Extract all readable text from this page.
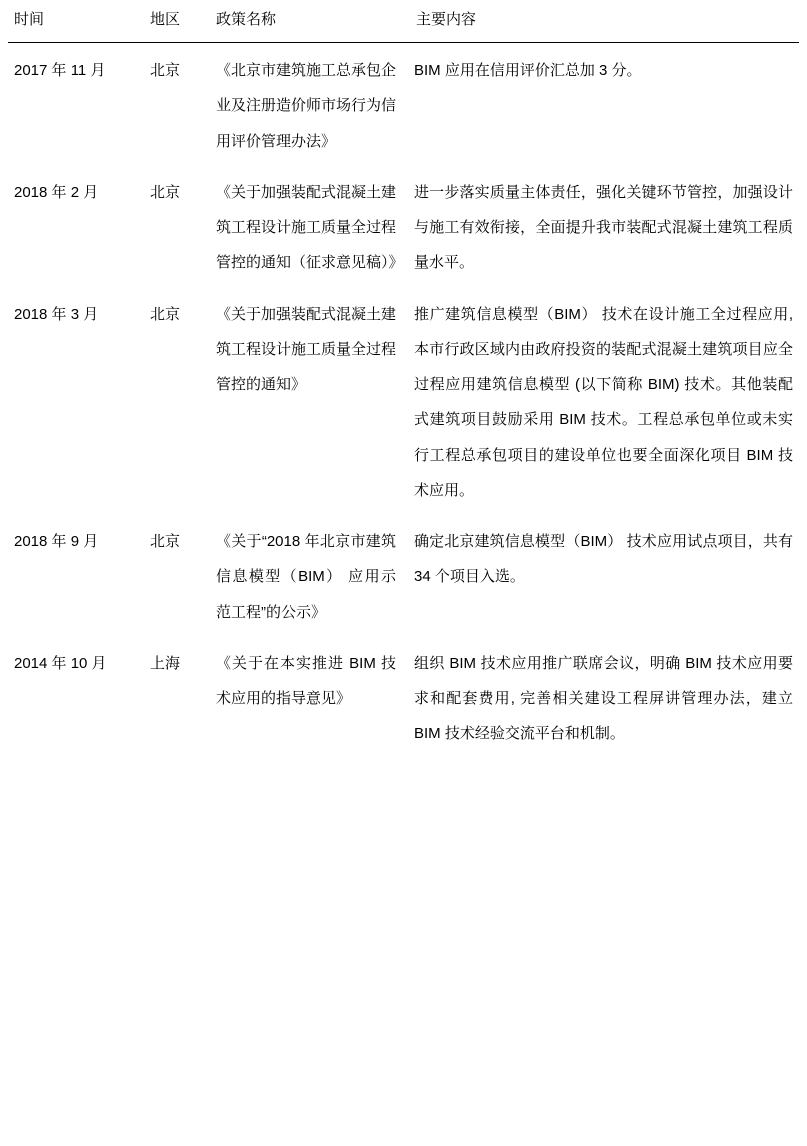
时间	地区	政策名称	主要内容
2017 年 11 月	北京	《北京市建筑施工总承包企业及注册造价师市场行为信用评价管理办法》	BIM 应用在信用评价汇总加 3 分。
2018 年 2 月	北京	《关于加强装配式混凝土建筑工程设计施工质量全过程管控的通知（征求意见稿）》	进一步落实质量主体责任，强化关键环节管控，加强设计与施工有效衔接，全面提升我市装配式混凝土建筑工程质量水平。
2018 年 3 月	北京	《关于加强装配式混凝土建筑工程设计施工质量全过程管控的通知》	推广建筑信息模型（BIM） 技术在设计施工全过程应用, 本市行政区域内由政府投资的装配式混凝土建筑项目应全过程应用建筑信息模型 (以下简称 BIM) 技术。其他装配式建筑项目鼓励采用 BIM 技术。工程总承包单位或未实行工程总承包项目的建设单位也要全面深化项目 BIM 技术应用。
2018 年 9 月	北京	《关于“2018 年北京市建筑信息模型（BIM） 应用示范工程”的公示》	确定北京建筑信息模型（BIM） 技术应用试点项目，共有 34 个项目入选。
2014 年 10 月	上海	《关于在本实推进 BIM 技术应用的指导意见》	组织 BIM 技术应用推广联席会议，明确 BIM 技术应用要求和配套费用, 完善相关建设工程屏讲管理办法，建立 BIM 技术经验交流平台和机制。
